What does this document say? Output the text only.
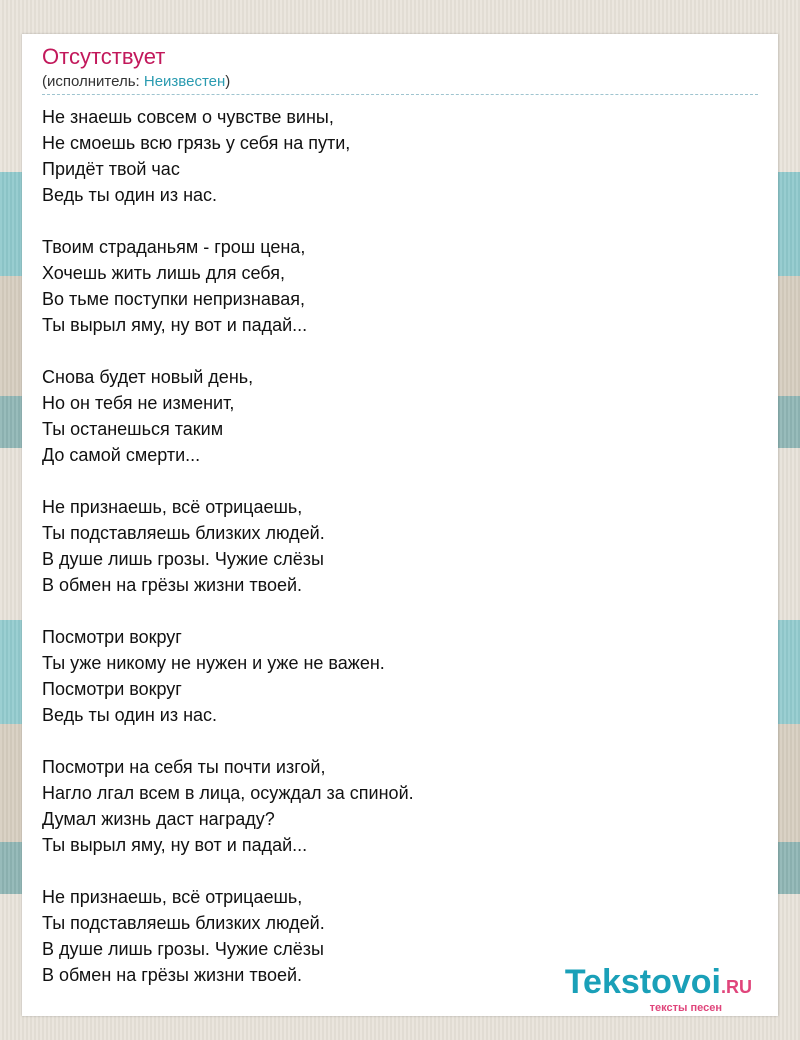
Отсутствует
(исполнитель: Неизвестен)
Не знаешь совсем о чувстве вины,
Не смоешь всю грязь у себя на пути,
Придёт твой час
Ведь ты один из нас.
Твоим страданьям - грош цена,
Хочешь жить лишь для себя,
Во тьме поступки непризнавая,
Ты вырыл яму, ну вот и падай...
Снова будет новый день,
Но он тебя не изменит,
Ты останешься таким
До самой смерти...
Не признаешь, всё отрицаешь,
Ты подставляешь близких людей.
В душе лишь грозы. Чужие слёзы
В обмен на грёзы жизни твоей.
Посмотри вокруг
Ты уже никому не нужен и уже не важен.
Посмотри вокруг
Ведь ты один из нас.
Посмотри на себя ты почти изгой,
Нагло лгал всем в лица, осуждал за спиной.
Думал жизнь даст награду?
Ты вырыл яму, ну вот и падай...
Не признаешь, всё отрицаешь,
Ты подставляешь близких людей.
В душе лишь грозы. Чужие слёзы
В обмен на грёзы жизни твоей.	Tekstovoi.RU
тексты песен
